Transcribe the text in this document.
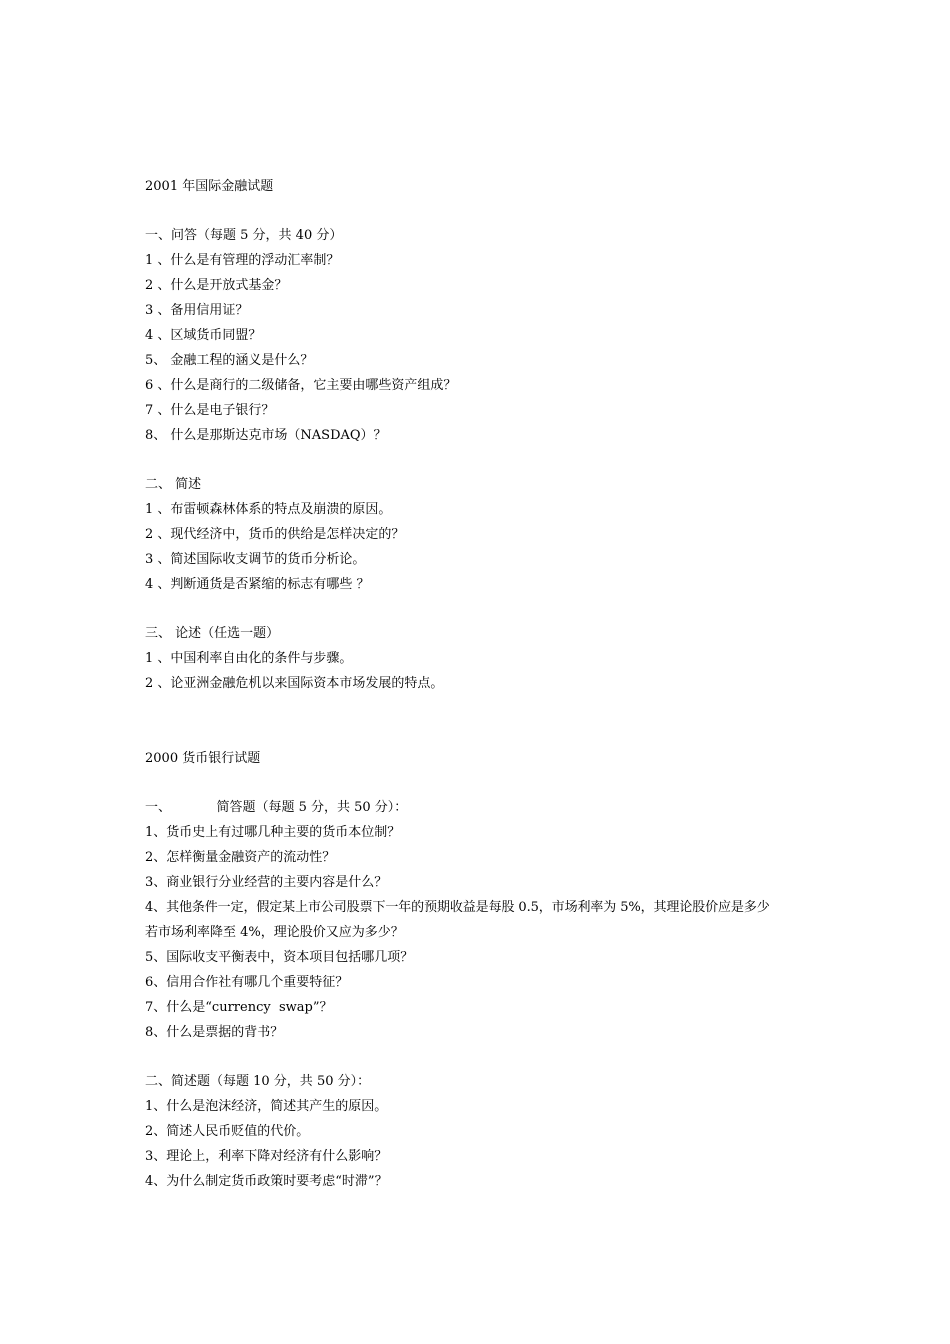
2001 年国际金融试题

一、问答（每题 5 分，共 40 分）

1 、什么是有管理的浮动汇率制？

2 、什么是开放式基金？

3 、备用信用证？

4 、区域货币同盟？

5、 金融工程的涵义是什么？

6 、什么是商行的二级储备，它主要由哪些资产组成？

7 、什么是电子银行？

8、 什么是那斯达克市场（NASDAQ）？

二、 简述

1 、布雷顿森林体系的特点及崩溃的原因。

2 、现代经济中，货币的供给是怎样决定的？

3 、简述国际收支调节的货币分析论。

4 、判断通货是否紧缩的标志有哪些 ？

三、 论述（任选一题）

1 、中国利率自由化的条件与步骤。

2 、论亚洲金融危机以来国际资本市场发展的特点。

2000 货币银行试题

一、           简答题（每题 5 分，共 50 分）：

1、货币史上有过哪几种主要的货币本位制？

2、怎样衡量金融资产的流动性？

3、商业银行分业经营的主要内容是什么？

4、其他条件一定，假定某上市公司股票下一年的预期收益是每股 0.5，市场利率为 5%，其理论股价应是多少

若市场利率降至 4%，理论股价又应为多少？

5、国际收支平衡表中，资本项目包括哪几项？

6、信用合作社有哪几个重要特征？

7、什么是“currency  swap”？

8、什么是票据的背书？

二、简述题（每题 10 分，共 50 分）：

1、什么是泡沫经济，简述其产生的原因。

2、简述人民币贬值的代价。

3、理论上，利率下降对经济有什么影响？

4、为什么制定货币政策时要考虑“时滞”？
